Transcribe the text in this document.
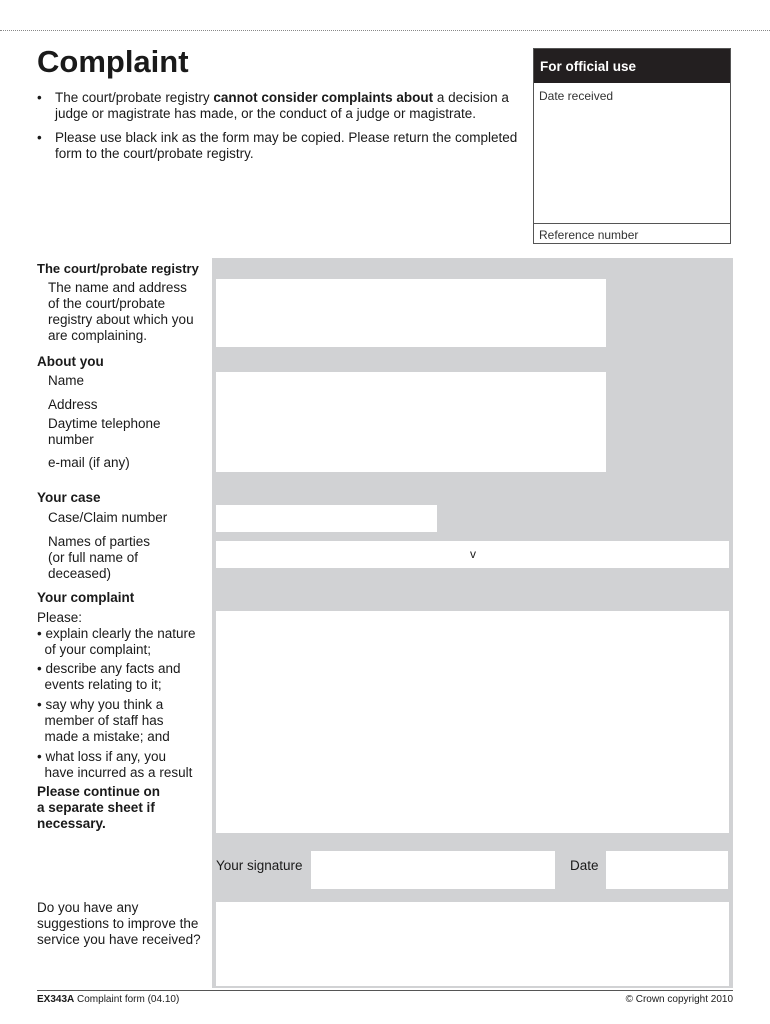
Complaint
• The court/probate registry cannot consider complaints about a decision a judge or magistrate has made, or the conduct of a judge or magistrate.
• Please use black ink as the form may be copied. Please return the completed form to the court/probate registry.
For official use
Date received
Reference number
v
The court/probate registry
The name and address
of the court/probate
registry about which you
are complaining.
About you
Name
Address
Daytime telephone
number
e-mail (if any)
Your case
Case/Claim number
Names of parties
(or full name of
deceased)
Your complaint
Please:
• explain clearly the nature
of your complaint;
• describe any facts and
events relating to it;
• say why you think a
member of staff has
made a mistake; and
• what loss if any, you
have incurred as a result
Please continue on
a separate sheet if
necessary.
Your signature	Date
Do you have any
suggestions to improve the
service you have received?
EX343A Complaint form (04.10)	© Crown copyright 2010
